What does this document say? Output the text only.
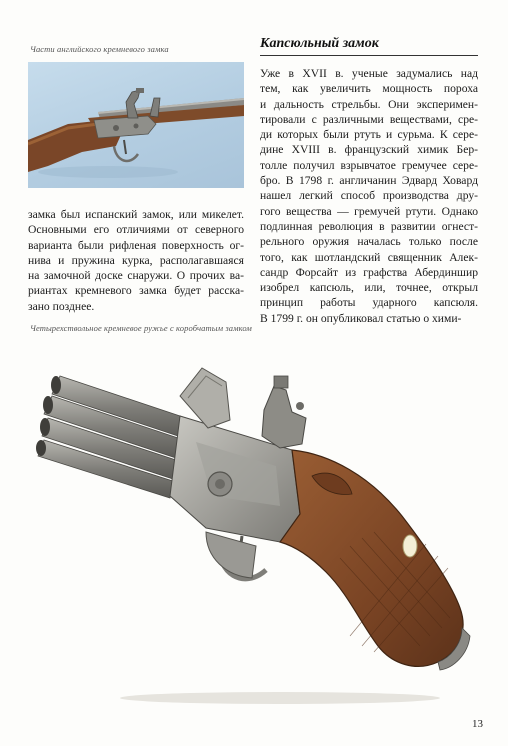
Части английского кремневого замка	Капсюльный замок
Уже в XVII в. ученые задумались над
тем, как увеличить мощность пороха
и дальность стрельбы. Они эксперимен-
тировали с различными веществами, сре-
ди которых были ртуть и сурьма. К сере-
дине XVIII в. французский химик Бер-
толле получил взрывчатое гремучее сере-
бро. В 1798 г. англичанин Эдвард Ховард
нашел легкий способ производства дру-
гого вещества — гремучей ртути. Однако
подлинная революция в развитии огнест-
рельного оружия началась только после
того, как шотландский священник Алек-
сандр Форсайт из графства Абердиншир
изобрел капсюль, или, точнее, открыл
принцип работы ударного капсюля.
В 1799 г. он опубликовал статью о хими-
замка был испанский замок, или микелет.
Основными его отличиями от северного
варианта были рифленая поверхность ог-
нива и пружина курка, располагавшаяся
на замочной доске снаружи. О прочих ва-
риантах кремневого замка будет расска-
зано позднее.
Четырехствольное кремневое ружье с коробчатым замком
13
